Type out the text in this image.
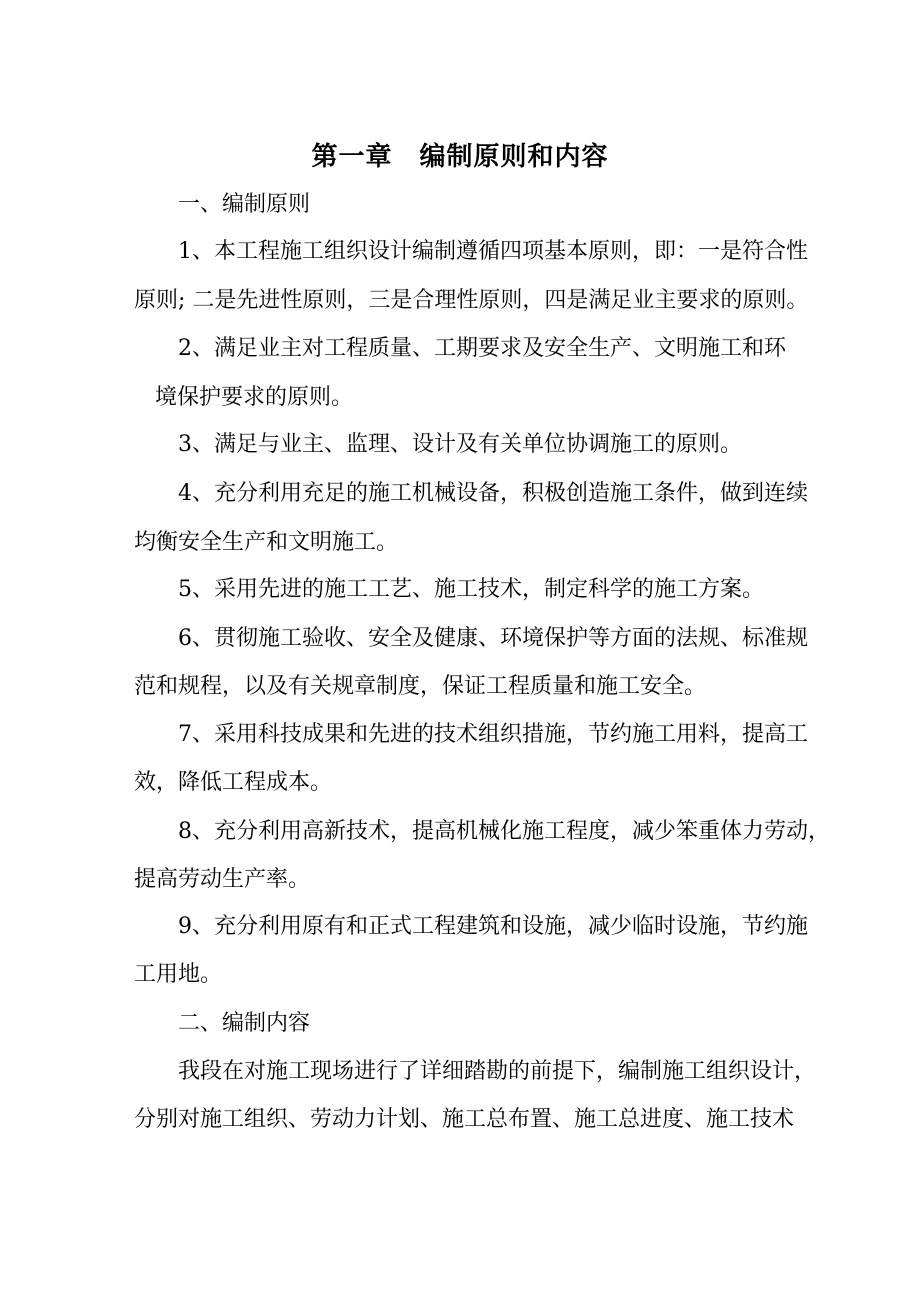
第一章　编制原则和内容
一、编制原则
1、本工程施工组织设计编制遵循四项基本原则，即：一是符合性
原则; 二是先进性原则，三是合理性原则，四是满足业主要求的原则。
2、满足业主对工程质量、工期要求及安全生产、文明施工和环
境保护要求的原则。
3、满足与业主、监理、设计及有关单位协调施工的原则。
4、充分利用充足的施工机械设备，积极创造施工条件，做到连续
均衡安全生产和文明施工。
5、采用先进的施工工艺、施工技术，制定科学的施工方案。
6、贯彻施工验收、安全及健康、环境保护等方面的法规、标准规
范和规程，以及有关规章制度，保证工程质量和施工安全。
7、采用科技成果和先进的技术组织措施，节约施工用料，提高工
效，降低工程成本。
8、充分利用高新技术，提高机械化施工程度，减少笨重体力劳动，
提高劳动生产率。
9、充分利用原有和正式工程建筑和设施，减少临时设施，节约施
工用地。
二、编制内容
我段在对施工现场进行了详细踏勘的前提下，编制施工组织设计，
分别对施工组织、劳动力计划、施工总布置、施工总进度、施工技术
